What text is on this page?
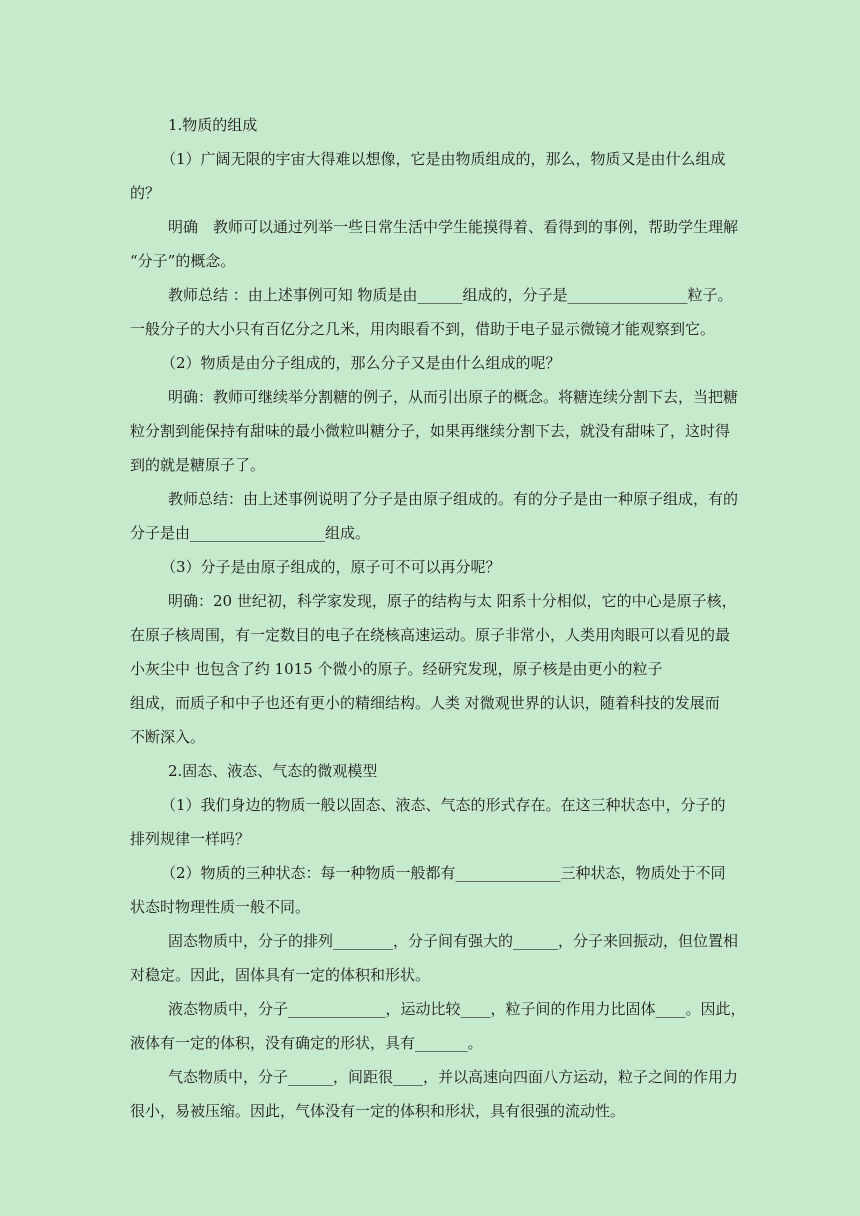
1.物质的组成

（1）广阔无限的宇宙大得难以想像，它是由物质组成的，那么，物质又是由什么组成

的？

明确　教师可以通过列举一些日常生活中学生能摸得着、看得到的事例，帮助学生理解

“分子”的概念。

教师总结 ：由上述事例可知 物质是由______组成的，分子是________________粒子。

一般分子的大小只有百亿分之几米，用肉眼看不到，借助于电子显示微镜才能观察到它。

（2）物质是由分子组成的，那么分子又是由什么组成的呢？

明确：教师可继续举分割糖的例子，从而引出原子的概念。将糖连续分割下去，当把糖

粒分割到能保持有甜味的最小微粒叫糖分子，如果再继续分割下去，就没有甜味了，这时得

到的就是糖原子了。

教师总结：由上述事例说明了分子是由原子组成的。有的分子是由一种原子组成，有的

分子是由__________________组成。

（3）分子是由原子组成的，原子可不可以再分呢？

明确：20 世纪初，科学家发现，原子的结构与太 阳系十分相似，它的中心是原子核，

在原子核周围，有一定数目的电子在绕核高速运动。原子非常小，人类用肉眼可以看见的最

小灰尘中 也包含了约 1015 个微小的原子。经研究发现，原子核是由更小的粒子

组成，而质子和中子也还有更小的精细结构。人类 对微观世界的认识，随着科技的发展而

不断深入。

2.固态、液态、气态的微观模型

（1）我们身边的物质一般以固态、液态、气态的形式存在。在这三种状态中，分子的

排列规律一样吗？

（2）物质的三种状态：每一种物质一般都有______________三种状态，物质处于不同

状态时物理性质一般不同。

固态物质中，分子的排列________，分子间有强大的______，分子来回振动，但位置相

对稳定。因此，固体具有一定的体积和形状。

液态物质中，分子_____________，运动比较____，粒子间的作用力比固体____。因此，

液体有一定的体积，没有确定的形状，具有_______。

气态物质中，分子______，间距很____，并以高速向四面八方运动，粒子之间的作用力

很小，易被压缩。因此，气体没有一定的体积和形状，具有很强的流动性。
